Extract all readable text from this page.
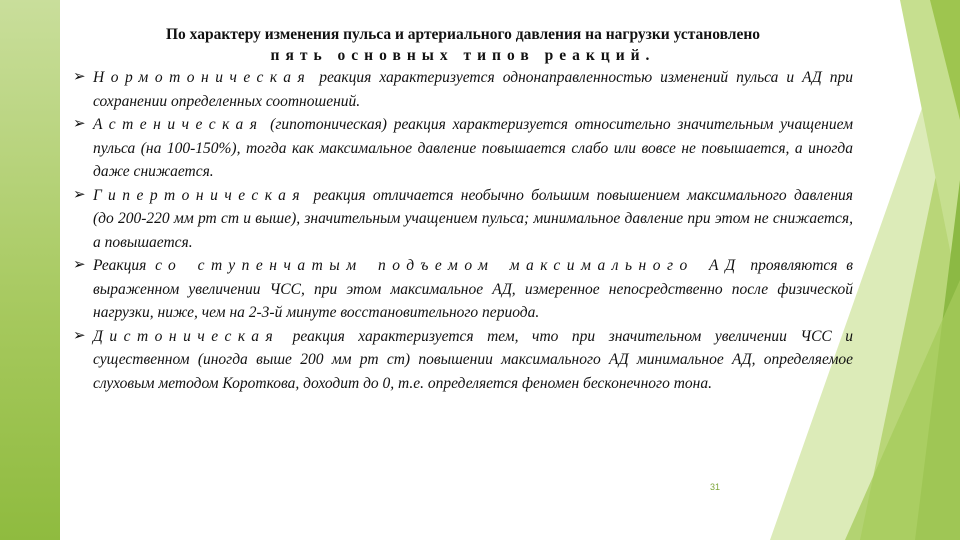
По характеру изменения пульса и артериального давления на нагрузки установлено
пять основных типов реакций.
➢ Нормотоническая реакция характеризуется однонаправленностью изменений пульса и АД при сохранении определенных соотношений.
➢ Астеническая (гипотоническая) реакция характеризуется относительно значительным учащением пульса (на 100-150%), тогда как максимальное давление повышается слабо или вовсе не повышается, а иногда даже снижается.
➢ Гипертоническая реакция отличается необычно большим повышением максимального давления (до 200-220 мм рт ст и выше), значительным учащением пульса; минимальное давление при этом не снижается, а повышается.
➢ Реакция со ступенчатым подъемом максимального АД проявляются в выраженном увеличении ЧСС, при этом максимальное АД, измеренное непосредственно после физической нагрузки, ниже, чем на 2-3-й минуте восстановительного периода.
➢ Дистоническая реакция характеризуется тем, что при значительном увеличении ЧСС и существенном (иногда выше 200 мм рт ст) повышении максимального АД минимальное АД, определяемое слуховым методом Короткова, доходит до 0, т.е. определяется феномен бесконечного тона.
31
